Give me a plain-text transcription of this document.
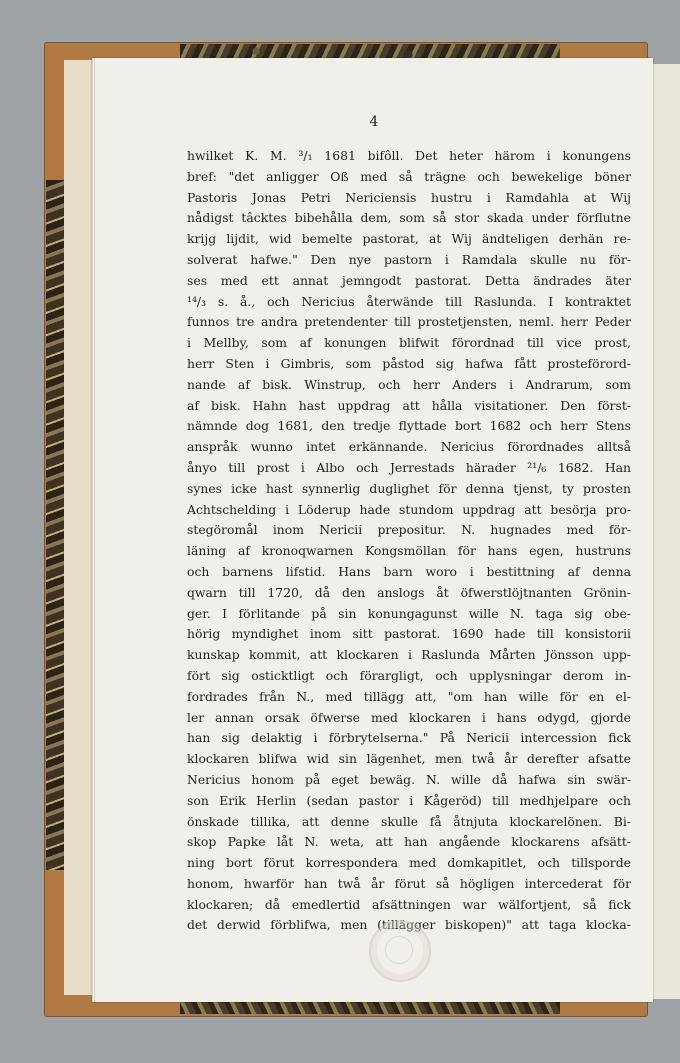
4
hwilket K. M. ³/₁ 1681 bifôll. Det heter härom i konungens
bref: "det anligger Oß med så trägne och bewekelige böner
Pastoris Jonas Petri Nericiensis hustru i Ramdahla at Wij
nådigst tâcktes bibehålla dem, som så stor skada under förflutne
krijg lijdit, wid bemelte pastorat, at Wij ändteligen derhän re-
solverat hafwe." Den nye pastorn i Ramdala skulle nu för-
ses med ett annat jemngodt pastorat. Detta ändrades äter
¹⁴/₃ s. å., och Nericius återwände till Raslunda. I kontraktet
funnos tre andra pretendenter till prostetjensten, neml. herr Peder
i Mellby, som af konungen blifwit förordnad till vice prost,
herr Sten i Gimbris, som påstod sig hafwa fått prosteförord-
nande af bisk. Winstrup, och herr Anders i Andrarum, som
af bisk. Hahn hast uppdrag att hålla visitationer. Den först-
nämnde dog 1681, den tredje flyttade bort 1682 och herr Stens
anspråk wunno intet erkännande. Nericius förordnades alltså
ånyo till prost i Albo och Jerrestads härader ²¹/₆ 1682. Han
synes icke hast synnerlig duglighet för denna tjenst, ty prosten
Achtschelding i Löderup hade stundom uppdrag att besörja pro-
stegöromål inom Nericii prepositur. N. hugnades med för-
läning af kronoqwarnen Kongsmöllan för hans egen, hustruns
och barnens lifstid. Hans barn woro i bestittning af denna
qwarn till 1720, då den anslogs åt öfwerstlöjtnanten Grönin-
ger. I förlitande på sin konungagunst wille N. taga sig obe-
hörig myndighet inom sitt pastorat. 1690 hade till konsistorii
kunskap kommit, att klockaren i Raslunda Mårten Jönsson upp-
fört sig osticktligt och förargligt, och upplysningar derom in-
fordrades från N., med tillägg att, "om han wille för en el-
ler annan orsak öfwerse med klockaren i hans odygd, gjorde
han sig delaktig i förbrytelserna." På Nericii intercession fick
klockaren blifwa wid sin lägenhet, men twå år derefter afsatte
Nericius honom på eget bewäg. N. wille då hafwa sin swär-
son Erik Herlin (sedan pastor i Kågeröd) till medhjelpare och
önskade tillika, att denne skulle få åtnjuta klockarelönen. Bi-
skop Papke låt N. weta, att han angående klockarens afsätt-
ning bort förut korrespondera med domkapitlet, och tillsporde
honom, hwarför han twå år förut så högligen intercederat för
klockaren; då emedlertid afsättningen war wälfortjent, så fick
det derwid förblifwa, men (tillägger biskopen)" att taga klocka-
